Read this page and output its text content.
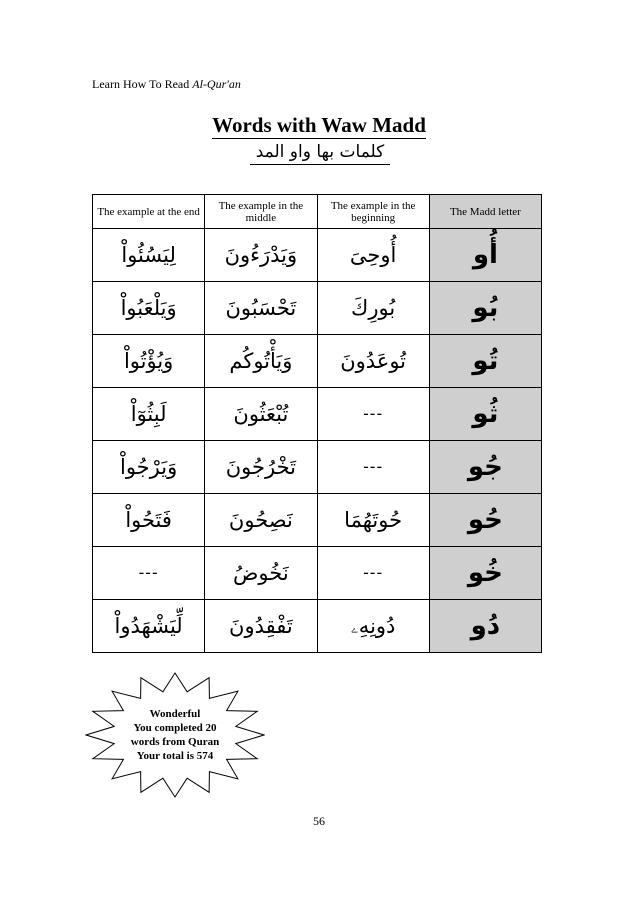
Learn How To Read Al-Qur'an
Words with Waw Madd
كلمات بها واو المد
The example at the end	The example in the middle	The example in the beginning	The Madd letter
لِيَسُئُواْ	وَيَدْرَءُونَ	أُوحِىَ	أُو
وَيَلْعَبُواْ	تَحْسَبُونَ	بُورِكَ	بُو
وَيُؤْتُواْ	وَيَأْتُوكُم	تُوعَدُونَ	تُو
لَبِثُوٓاْ	تُبْعَثُونَ	---	ثُو
وَيَرْجُواْ	تَخْرُجُونَ	---	جُو
فَتَحُواْ	نَصِحُونَ	حُوتَهُمَا	حُو
---	نَخُوضُ	---	خُو
لِّيَشْهَدُواْ	تَفْقِدُونَ	دُونِهِۦ	دُو
Wonderful
You completed 20
words from Quran
Your total is 574
56
